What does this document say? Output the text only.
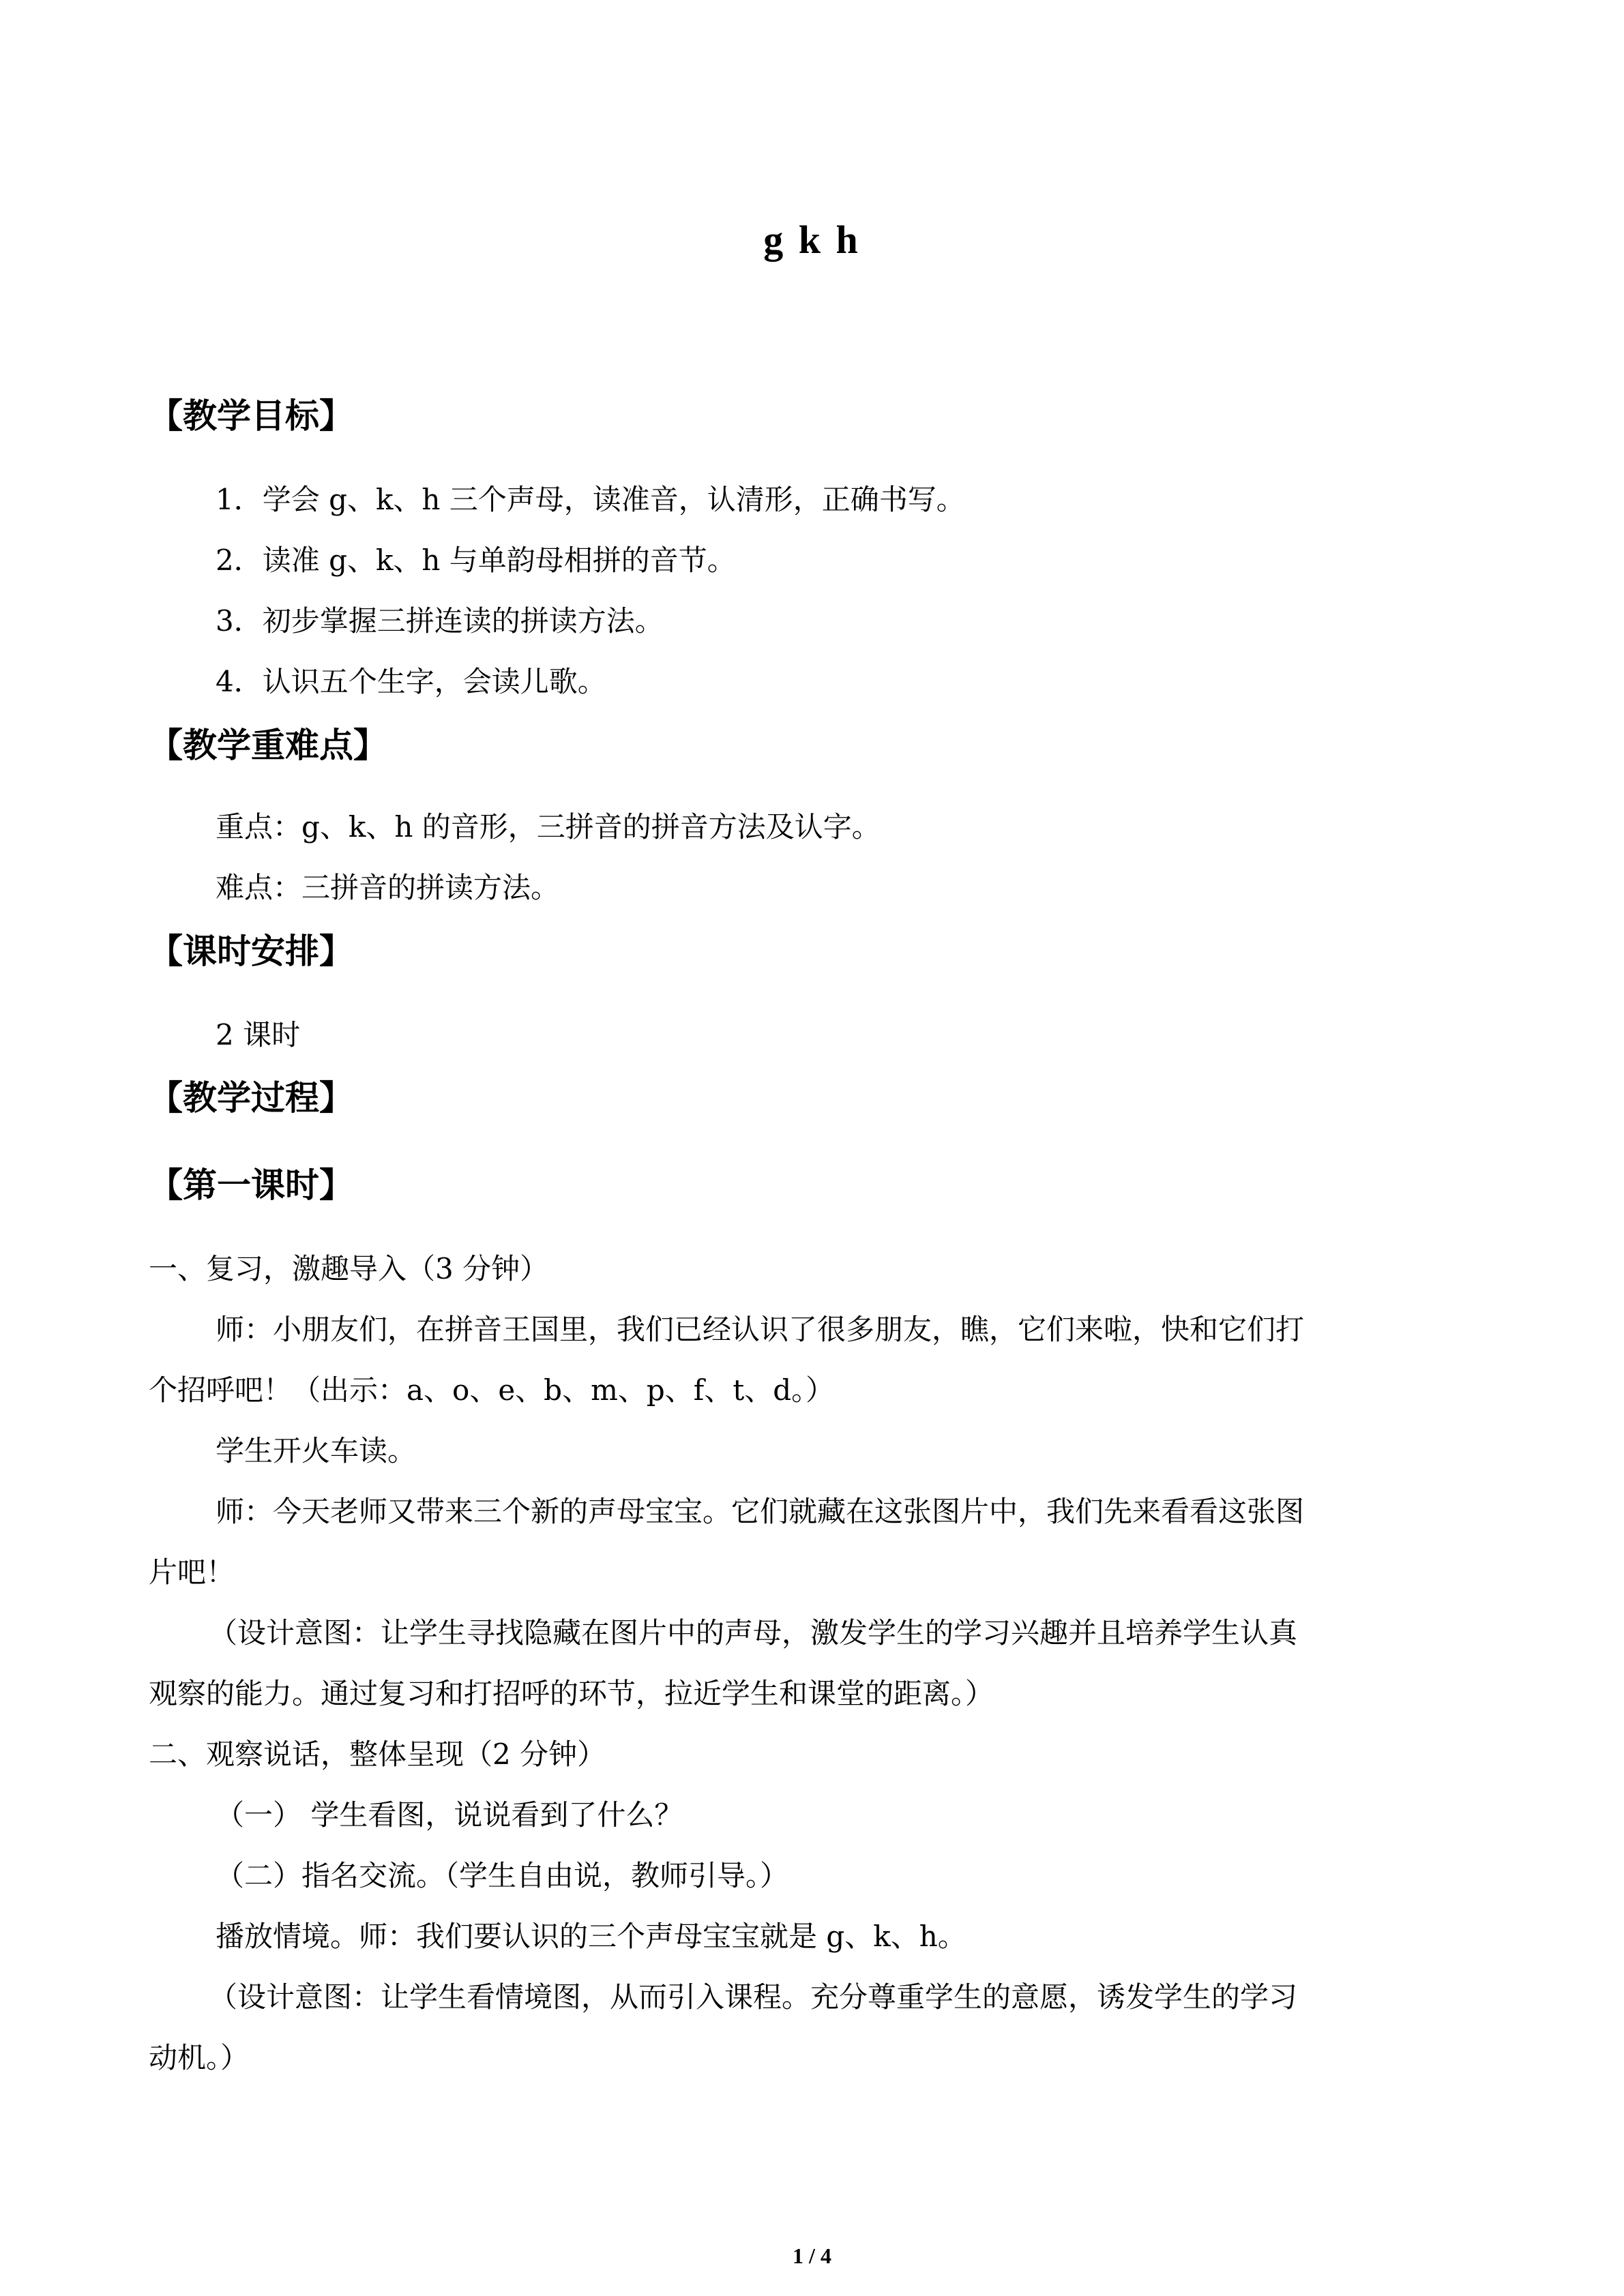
g k h
【教学目标】
1．学会 g、k、h 三个声母，读准音，认清形，正确书写。
2．读准 g、k、h 与单韵母相拼的音节。
3．初步掌握三拼连读的拼读方法。
4．认识五个生字，会读儿歌。
【教学重难点】
重点：g、k、h 的音形，三拼音的拼音方法及认字。
难点：三拼音的拼读方法。
【课时安排】
2 课时
【教学过程】
【第一课时】
一、复习，激趣导入（3 分钟）
师：小朋友们，在拼音王国里，我们已经认识了很多朋友，瞧，它们来啦，快和它们打
个招呼吧！（出示：a、o、e、b、m、p、f、t、d。）
学生开火车读。
师：今天老师又带来三个新的声母宝宝。它们就藏在这张图片中，我们先来看看这张图
片吧！
（设计意图：让学生寻找隐藏在图片中的声母，激发学生的学习兴趣并且培养学生认真
观察的能力。通过复习和打招呼的环节，拉近学生和课堂的距离。）
二、观察说话，整体呈现（2 分钟）
（一） 学生看图，说说看到了什么？
（二）指名交流。（学生自由说，教师引导。）
播放情境。师：我们要认识的三个声母宝宝就是 g、k、h。
（设计意图：让学生看情境图，从而引入课程。充分尊重学生的意愿，诱发学生的学习
动机。）
1 / 4
